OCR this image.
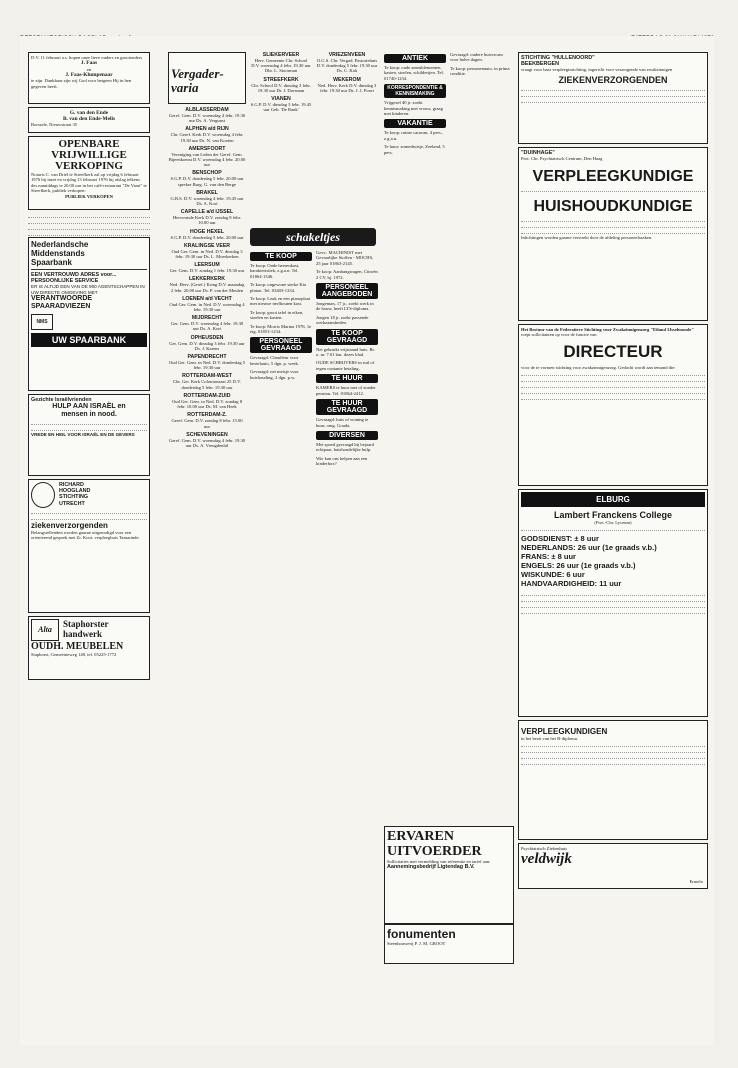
D.V. 11 februari a.s. hopen onze lieve ouders en grootouders
J. Faas
en
J. Faas-Klumpenaar
te zijn. Dankbaar zijn wij God voor hetgeen Hij in hen gegeven heeft.
G. van den Ende
B. van den Ende-Melis
Borssele, Nieuwstraat 35
OPENBARE
VRIJWILLIGE
VERKOPING
Notaris C. van Driel te Streefkerk zal op vrijdag 6 februari 1976 bij inzet en vrijdag 13 februari 1976 bij afslag telkens des namiddags te 20.00 uur in het café-restaurant "De Vaart" te Streefkerk, publiek verkopen:
PUBLIEK VERKOPEN
Nederlandsche
Middenstands
Spaarbank
EEN VERTROUWD ADRES voor...
PERSOONLIJKE SERVICE
ER IS ALTIJD EEN VAN DE 900 AGENTSCHAPPEN IN UW DIRECTE OMGEVING MET
VERANTWOORDE SPAARADVIEZEN
NMS
UW SPAARBANK
Gezichte Israëlvrienden
HULP AAN ISRAËL en
mensen in nood.
VREDE EN HEIL VOOR ISRAËL EN DE GEVERS
RICHARD
HOOGLAND
STICHTING
UTRECHT
ziekenverzorgenden
Belangstellenden worden gaarne uitgenodigd voor een orienterend gesprek met Zr. Kooi, verpleeghuis Tamarinde.
Alta
Staphorster
handwerk
OUDH. MEUBELEN
Staphorst, Gemeenteweg 148, tel. 05225-1772
Vergader-varia
ALBLASSERDAM
Geref. Gem. D.V. woensdag 4 febr. 19.30 uur Ds. A. Vergunst
ALPHEN a/d RIJN
Chr. Geref. Kerk D.V. woensdag 4 febr. 19.30 uur Ds. N. van Kooten
AMERSFOORT
Vereniging van Leden der Geref. Gem. Bijeenkomst D.V. woensdag 4 febr. 20.00 uur
BENSCHOP
S.G.P. D.V. donderdag 5 febr. 20.00 uur spreker Burg. G. van den Berge
BRAKEL
G.B.S. D.V. woensdag 4 febr. 19.45 uur Ds. A. Kort
CAPELLE a/d IJSSEL
Hervormde Kerk D.V. zondag 8 febr. 10.00 uur
HOGE HEXEL
S.G.P. D.V. donderdag 5 febr. 20.00 uur
KRALINGSE VEER
Oud Ger. Gem. in Ned. D.V. dinsdag 3 febr. 19.30 uur Ds. L. Moerkerken
LEERSUM
Ger. Gem. D.V. zondag 1 febr. 19.30 uur
LEKKERKERK
Ned. Herv. (Geref.) Kring D.V. maandag 2 febr. 20.00 uur Ds. P. van der Meulen
LOENEN a/d VECHT
Oud Ger. Gem. in Ned. D.V. woensdag 4 febr. 19.30 uur
MIJDRECHT
Ger. Gem. D.V. woensdag 4 febr. 19.30 uur Ds. A. Kort
OPHEUSDEN
Ger. Gem. D.V. dinsdag 3 febr. 19.30 uur Ds. J. Karens
PAPENDRECHT
Oud Ger. Gem. in Ned. D.V. donderdag 5 febr. 19.30 uur
ROTTERDAM-WEST
Chr. Ger. Kerk Coloniastraat 25 D.V. donderdag 5 febr. 19.30 uur
ROTTERDAM-ZUID
Oud Ger. Gem. in Ned. D.V. zondag 8 febr. 10.00 uur Ds. M. van Heek
ROTTERDAM-Z.
Geref. Gem. D.V. zondag 8 febr. 15.00 uur
SCHEVENINGEN
Geref. Gem. D.V. woensdag 4 febr. 19.30 uur Ds. A. Vreugdenhil
SLIEKERVEER
Herv. Gemeente Chr. School D.V. woensdag 4 febr. 19.30 uur Dhr. L. Stoorman
STREEFKERK
Chr. School D.V. dinsdag 3 febr. 19.30 uur Dr. J. Dorsman
VIANEN
S.G.P. D.V. dinsdag 3 febr. 19.45 uur Geb. 'De Rank'
schakeltjes
TE KOOP

Te koop: Oude heerenkast, karakteristiek, z.g.a.n. Tel. 01864-1346.

Te koop: ongewone sterke Kia platon. Tel. 03403-1234.

Te koop: Leuk en een pianoplaat met nieuwe nerfhouten kast.

Te koop: groot tafel in eiken, stoelen en kasten.

Te koop: Morris Marina 1976, 1e eig. 01853-1234.

PERSONEEL GEVRAAGD

Gevraagd: Chauffeur voor bestelauto, 5 dgn. p. week.

Gevraagd: net meisje voor huishouding, 2 dgn. p.w.

VRIEZENVEEN
O.G.S. Chr. Vergad. Pastoriehuis D.V. donderdag 5 febr. 19.30 uur Ds. C. Kok
WEKEROM
Ned. Herv. Kerk D.V. dinsdag 3 febr. 19.30 uur Ds. J. J. Poort

Gevr.: MACHINIST met Gevaarlijke Stoffen - MOCHS, 25 jaar 01863-2145.

Te koop: Aanhangwagen, Citroën 2 CV, bj. 1972.

PERSONEEL AANGEBODEN

Jongeman, 17 jr., zoekt werk in de bouw, heeft LTS-diploma.

Jongen 18 jr. zoekt passende werkzaamheden.

TE KOOP GEVRAAGD

Net gebruikt vrijstaand huis. Br. o. nr. 7.01 bur. dezes blad.

OUDE SCHRIJVERS in ruil of tegen contante betaling.

TE HUUR

KAMERS te huur met of zonder pension. Tel. 01864-2412.

TE HUUR GEVRAAGD

Gevraagd: huis of woning te huur, omg. Gouda.

DIVERSEN

Met spoed gevraagd bij bejaard echtpaar, huishoudelijke hulp.

Wie kan ons helpen aan een kinderbox?

ANTIEK

Te koop: oude ameublementen, kasten, stoelen, schilderijen. Tel. 01740-1234.

KORRESPONDENTIE & KENNISMAKING

Vrijgezel 40 jr. zoekt kennismaking met vrouw, graag met kinderen.

VAKANTIE

Te koop: ruime caravan, 4 pers., z.g.a.n.

Te huur: zomerhuisje, Zeeland, 5 pers.

Gevraagd: oudere huisvrouw voor halve dagen.

Te koop: personenauto, in prima conditie.

ERVAREN
UITVOERDER
Sollicitaties met vermelding van referentie en tarief aan:
Aannemingsbedrijf Ligtendag B.V.
fonumenten
Steenhouwerij P. J. M. GROOT
STICHTING "HULLENOORD"
BEEKBERGEN
vraagt voor haar verpleeginrichting, ingericht voor verzorgende van zwakzinnigen
ZIEKENVERZORGENDEN
"DUINHAGE"
Prot. Chr. Psychiatrisch Centrum, Den Haag
VERPLEEGKUNDIGE
HUISHOUDKUNDIGE
Inlichtingen worden gaarne verstrekt door de afdeling personeelszaken.
Het Bestuur van de Federatieve Stichting voor Zwakzinnigenzorg "Eiland IJsselmonde"
roept sollicitanten op voor de functie van
DIRECTEUR
voor de te vormen stichting voor zwakzinnigenzorg. Gedacht wordt aan iemand die:
ELBURG
Lambert Franckens College
(Prot.-Chr. Lyceum)
GODSDIENST: ± 8 uur
NEDERLANDS: 26 uur (1e graads v.b.)
FRANS: ± 8 uur
ENGELS: 26 uur (1e graads v.b.)
WISKUNDE: 6 uur
HANDVAARDIGHEID: 11 uur
VERPLEEGKUNDIGEN
in het bezit van het B-diploma.
Psychiatrisch Ziekenhuis
veldwijk
Ermelo
